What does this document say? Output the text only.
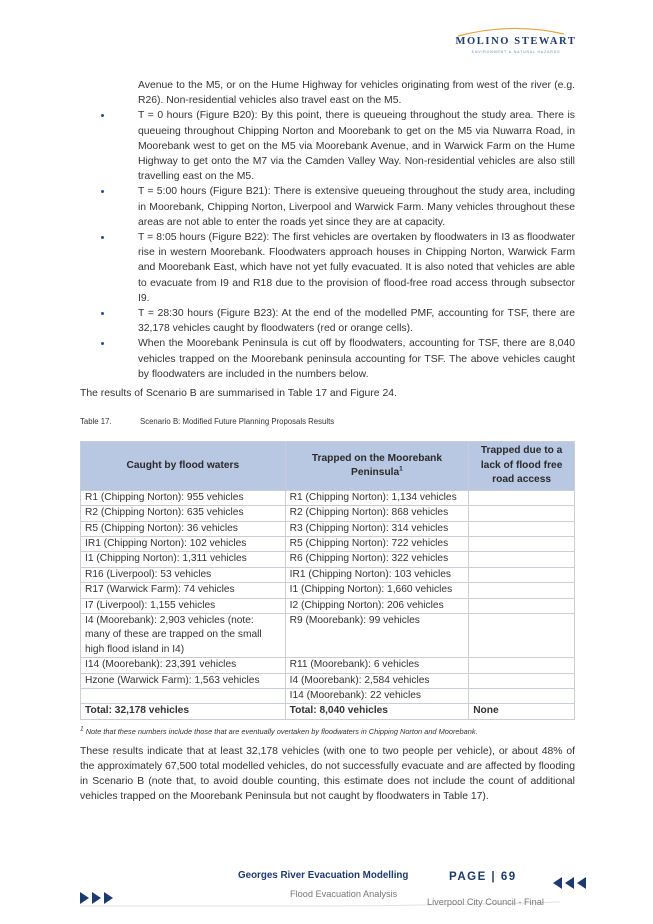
MOLINO STEWART
ENVIRONMENT & NATURAL HAZARDS

Avenue to the M5, or on the Hume Highway for vehicles originating from west of the river (e.g. R26). Non-residential vehicles also travel east on the M5.

T = 0 hours (Figure B20): By this point, there is queueing throughout the study area. There is queueing throughout Chipping Norton and Moorebank to get on the M5 via Nuwarra Road, in Moorebank west to get on the M5 via Moorebank Avenue, and in Warwick Farm on the Hume Highway to get onto the M7 via the Camden Valley Way. Non-residential vehicles are also still travelling east on the M5.
T = 5:00 hours (Figure B21): There is extensive queueing throughout the study area, including in Moorebank, Chipping Norton, Liverpool and Warwick Farm. Many vehicles throughout these areas are not able to enter the roads yet since they are at capacity.
T = 8:05 hours (Figure B22): The first vehicles are overtaken by floodwaters in I3 as floodwater rise in western Moorebank. Floodwaters approach houses in Chipping Norton, Warwick Farm and Moorebank East, which have not yet fully evacuated. It is also noted that vehicles are able to evacuate from I9 and R18 due to the provision of flood-free road access through subsector I9.
T = 28:30 hours (Figure B23): At the end of the modelled PMF, accounting for TSF, there are 32,178 vehicles caught by floodwaters (red or orange cells).
When the Moorebank Peninsula is cut off by floodwaters, accounting for TSF, there are 8,040 vehicles trapped on the Moorebank peninsula accounting for TSF. The above vehicles caught by floodwaters are included in the numbers below.

The results of Scenario B are summarised in Table 17 and Figure 24.

Table 17.	Scenario B: Modified Future Planning Proposals Results
Caught by flood waters	Trapped on the Moorebank Peninsula$^1$	Trapped due to a lack of flood free road access
R1 (Chipping Norton): 955 vehicles	R1 (Chipping Norton): 1,134 vehicles	
R2 (Chipping Norton): 635 vehicles	R2 (Chipping Norton): 868 vehicles	
R5 (Chipping Norton): 36 vehicles	R3 (Chipping Norton): 314 vehicles	
IR1 (Chipping Norton): 102 vehicles	R5 (Chipping Norton): 722 vehicles	
I1 (Chipping Norton): 1,311 vehicles	R6 (Chipping Norton): 322 vehicles	
R16 (Liverpool): 53 vehicles	IR1 (Chipping Norton): 103 vehicles	
R17 (Warwick Farm): 74 vehicles	I1 (Chipping Norton): 1,660 vehicles	
I7 (Liverpool): 1,155 vehicles	I2 (Chipping Norton): 206 vehicles	
I4 (Moorebank): 2,903 vehicles (note: many of these are trapped on the small high flood island in I4)	R9 (Moorebank): 99 vehicles	
I14 (Moorebank): 23,391 vehicles	R11 (Moorebank): 6 vehicles	
Hzone (Warwick Farm): 1,563 vehicles	I4 (Moorebank): 2,584 vehicles	
	I14 (Moorebank): 22 vehicles	
Total: 32,178 vehicles	Total: 8,040 vehicles	None
$^1$ Note that these numbers include those that are eventually overtaken by floodwaters in Chipping Norton and Moorebank.

These results indicate that at least 32,178 vehicles (with one to two people per vehicle), or about 48% of the approximately 67,500 total modelled vehicles, do not successfully evacuate and are affected by flooding in Scenario B (note that, to avoid double counting, this estimate does not include the count of additional vehicles trapped on the Moorebank Peninsula but not caught by floodwaters in Table 17).

Georges River Evacuation Modelling	PAGE | 69
Flood Evacuation Analysis
Liverpool City Council - Final
